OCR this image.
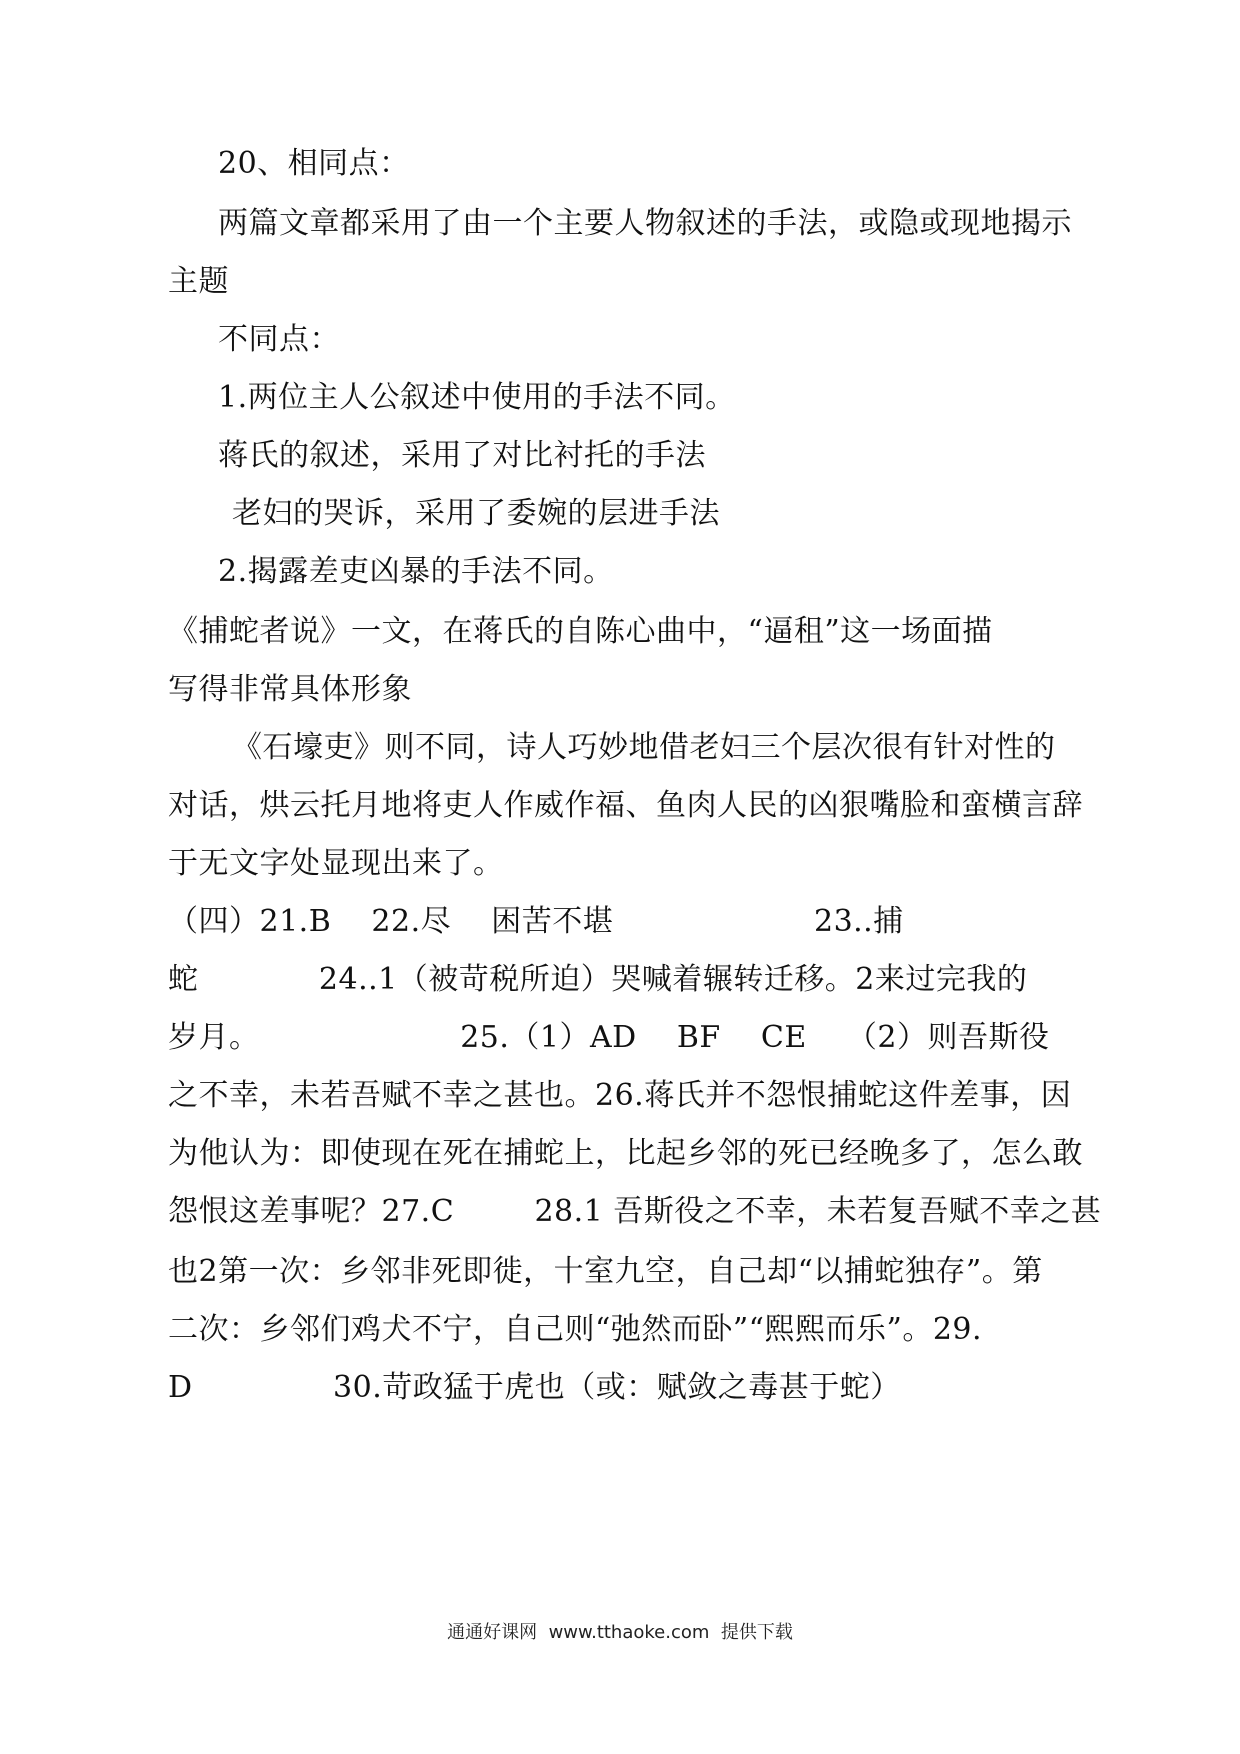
20、相同点：
两篇文章都采用了由一个主要人物叙述的手法，或隐或现地揭示
主题
不同点：
1.两位主人公叙述中使用的手法不同。
蒋氏的叙述，采用了对比衬托的手法
老妇的哭诉，采用了委婉的层进手法
2.揭露差吏凶暴的手法不同。
《捕蛇者说》一文，在蒋氏的自陈心曲中，“逼租”这一场面描
写得非常具体形象
《石壕吏》则不同，诗人巧妙地借老妇三个层次很有针对性的
对话，烘云托月地将吏人作威作福、鱼肉人民的凶狠嘴脸和蛮横言辞
于无文字处显现出来了。
（四）21.B    22.尽    困苦不堪                    23..捕
蛇            24..1（被苛税所迫）哭喊着辗转迁移。2来过完我的
岁月。                    25.（1）AD    BF    CE    （2）则吾斯役
之不幸，未若吾赋不幸之甚也。26.蒋氏并不怨恨捕蛇这件差事，因
为他认为：即使现在死在捕蛇上，比起乡邻的死已经晚多了，怎么敢
怨恨这差事呢？27.C        28.1 吾斯役之不幸，未若复吾赋不幸之甚
也2第一次：乡邻非死即徙，十室九空，自己却“以捕蛇独存”。第
二次：乡邻们鸡犬不宁，自己则“弛然而卧”“熙熙而乐”。29.
D              30.苛政猛于虎也（或：赋敛之毒甚于蛇）
通通好课网  www.tthaoke.com  提供下载
